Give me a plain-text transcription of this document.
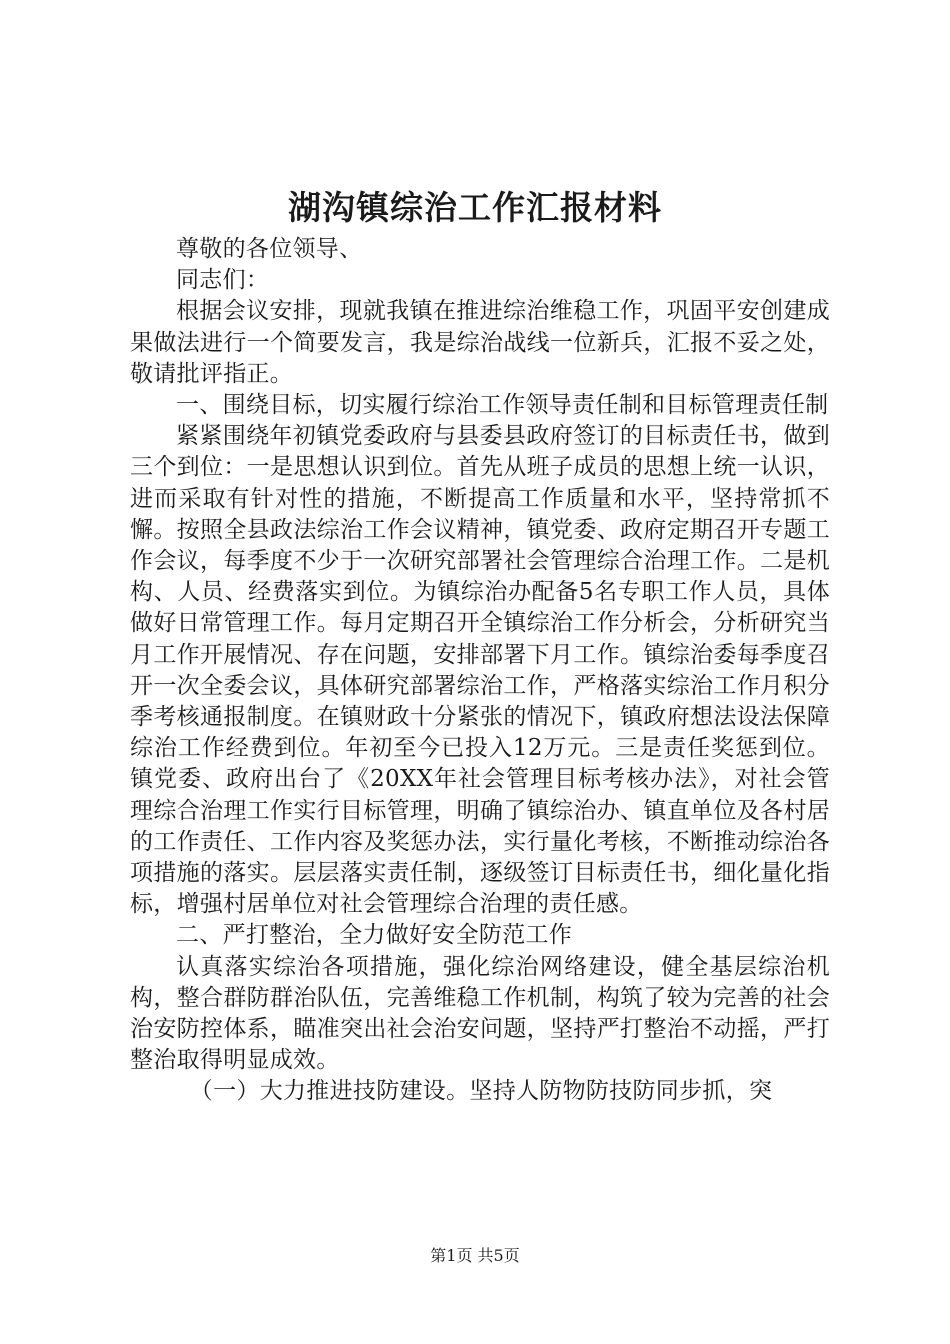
湖沟镇综治工作汇报材料

尊敬的各位领导、

同志们：

根据会议安排，现就我镇在推进综治维稳工作，巩固平安创建成果做法进行一个简要发言，我是综治战线一位新兵，汇报不妥之处，敬请批评指正。

一、围绕目标，切实履行综治工作领导责任制和目标管理责任制

紧紧围绕年初镇党委政府与县委县政府签订的目标责任书，做到三个到位：一是思想认识到位。首先从班子成员的思想上统一认识，进而采取有针对性的措施，不断提高工作质量和水平，坚持常抓不懈。按照全县政法综治工作会议精神，镇党委、政府定期召开专题工作会议，每季度不少于一次研究部署社会管理综合治理工作。二是机构、人员、经费落实到位。为镇综治办配备5名专职工作人员，具体做好日常管理工作。每月定期召开全镇综治工作分析会，分析研究当月工作开展情况、存在问题，安排部署下月工作。镇综治委每季度召开一次全委会议，具体研究部署综治工作，严格落实综治工作月积分季考核通报制度。在镇财政十分紧张的情况下，镇政府想法设法保障综治工作经费到位。年初至今已投入12万元。三是责任奖惩到位。镇党委、政府出台了《20XX年社会管理目标考核办法》，对社会管理综合治理工作实行目标管理，明确了镇综治办、镇直单位及各村居的工作责任、工作内容及奖惩办法，实行量化考核，不断推动综治各项措施的落实。层层落实责任制，逐级签订目标责任书，细化量化指标，增强村居单位对社会管理综合治理的责任感。

二、严打整治，全力做好安全防范工作

认真落实综治各项措施，强化综治网络建设，健全基层综治机构，整合群防群治队伍，完善维稳工作机制，构筑了较为完善的社会治安防控体系，瞄准突出社会治安问题，坚持严打整治不动摇，严打整治取得明显成效。

（一）大力推进技防建设。坚持人防物防技防同步抓，突

第1页 共5页
